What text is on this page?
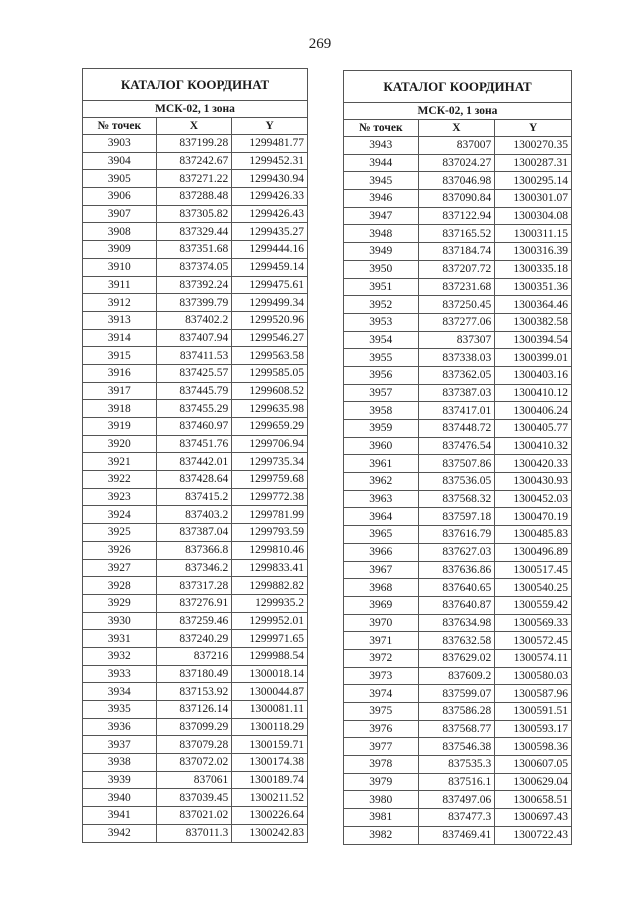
269
КАТАЛОГ КООРДИНАТ		
МСК-02, 1 зона		
№ точек	X	Y
3903	837199.28	1299481.77
3904	837242.67	1299452.31
3905	837271.22	1299430.94
3906	837288.48	1299426.33
3907	837305.82	1299426.43
3908	837329.44	1299435.27
3909	837351.68	1299444.16
3910	837374.05	1299459.14
3911	837392.24	1299475.61
3912	837399.79	1299499.34
3913	837402.2	1299520.96
3914	837407.94	1299546.27
3915	837411.53	1299563.58
3916	837425.57	1299585.05
3917	837445.79	1299608.52
3918	837455.29	1299635.98
3919	837460.97	1299659.29
3920	837451.76	1299706.94
3921	837442.01	1299735.34
3922	837428.64	1299759.68
3923	837415.2	1299772.38
3924	837403.2	1299781.99
3925	837387.04	1299793.59
3926	837366.8	1299810.46
3927	837346.2	1299833.41
3928	837317.28	1299882.82
3929	837276.91	1299935.2
3930	837259.46	1299952.01
3931	837240.29	1299971.65
3932	837216	1299988.54
3933	837180.49	1300018.14
3934	837153.92	1300044.87
3935	837126.14	1300081.11
3936	837099.29	1300118.29
3937	837079.28	1300159.71
3938	837072.02	1300174.38
3939	837061	1300189.74
3940	837039.45	1300211.52
3941	837021.02	1300226.64
3942	837011.3	1300242.83
КАТАЛОГ КООРДИНАТ		
МСК-02, 1 зона		
№ точек	X	Y
3943	837007	1300270.35
3944	837024.27	1300287.31
3945	837046.98	1300295.14
3946	837090.84	1300301.07
3947	837122.94	1300304.08
3948	837165.52	1300311.15
3949	837184.74	1300316.39
3950	837207.72	1300335.18
3951	837231.68	1300351.36
3952	837250.45	1300364.46
3953	837277.06	1300382.58
3954	837307	1300394.54
3955	837338.03	1300399.01
3956	837362.05	1300403.16
3957	837387.03	1300410.12
3958	837417.01	1300406.24
3959	837448.72	1300405.77
3960	837476.54	1300410.32
3961	837507.86	1300420.33
3962	837536.05	1300430.93
3963	837568.32	1300452.03
3964	837597.18	1300470.19
3965	837616.79	1300485.83
3966	837627.03	1300496.89
3967	837636.86	1300517.45
3968	837640.65	1300540.25
3969	837640.87	1300559.42
3970	837634.98	1300569.33
3971	837632.58	1300572.45
3972	837629.02	1300574.11
3973	837609.2	1300580.03
3974	837599.07	1300587.96
3975	837586.28	1300591.51
3976	837568.77	1300593.17
3977	837546.38	1300598.36
3978	837535.3	1300607.05
3979	837516.1	1300629.04
3980	837497.06	1300658.51
3981	837477.3	1300697.43
3982	837469.41	1300722.43
